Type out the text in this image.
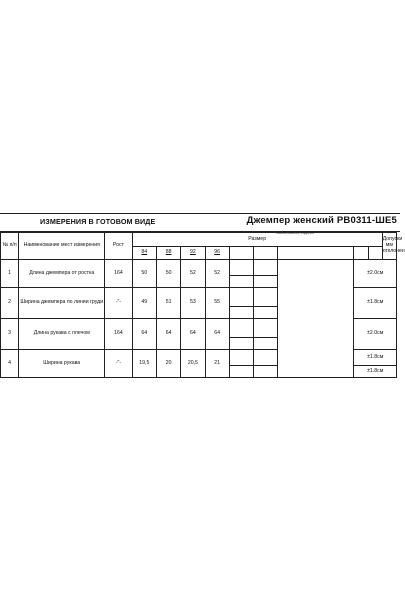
ИЗМЕРЕНИЯ В ГОТОВОМ ВИДЕ	Джемпер женский РВ0311-ШЕ5
Наименование изделия
№ п/п	Наименование мест измерения	Рост	Размер									Допуски мм отклонен
			84	88	92	96						
1	Длина джемпера от ростка	164	50	50	52	52				±2.0см		

2	Ширина джемпера по линии груди	-"-	49	51	53	55				±1.8см		

3	Длина рукава с плечом	164	64	64	64	64				±2.0см		

4	Ширина рукава	-"-	19,5	20	20,5	21				±1.8см		
										±1.8см		
